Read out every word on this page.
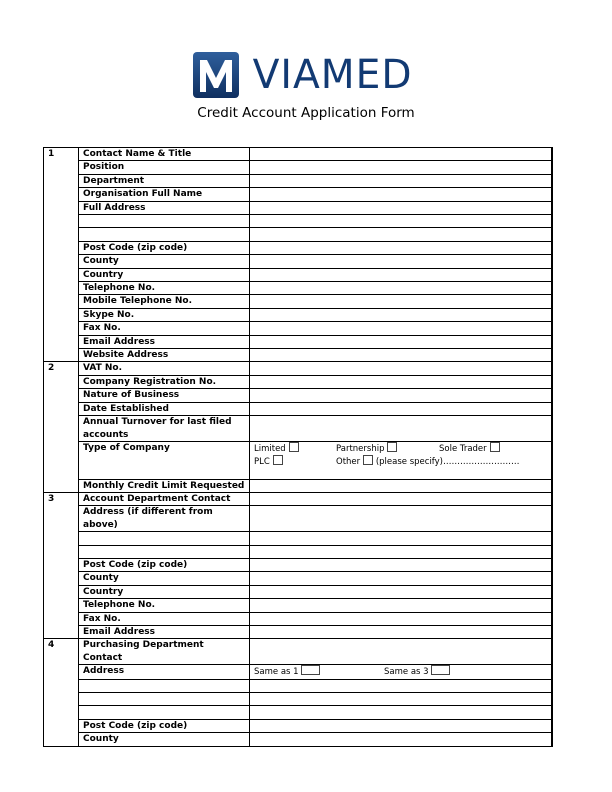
VIAMED
Credit Account Application Form
1	Contact Name & Title	
	Position	
	Department	
	Organisation Full Name	
	Full Address	

	Post Code (zip code)	
	County	
	Country	
	Telephone No.	
	Mobile Telephone No.	
	Skype No.	
	Fax No.	
	Email Address	
	Website Address	
2	VAT No.	
	Company Registration No.	
	Nature of Business	
	Date Established	
	Annual Turnover for last filed accounts	
	Type of Company	Limited Partnership Sole Trader
PLC Other (please specify)………………………

	Monthly Credit Limit Requested	
3	Account Department Contact	
	Address (if different from above)	

	Post Code (zip code)	
	County	
	Country	
	Telephone No.	
	Fax No.	
	Email Address	
4	Purchasing Department Contact	
	Address	Same as 1 Same as 3

	Post Code (zip code)	
	County	
